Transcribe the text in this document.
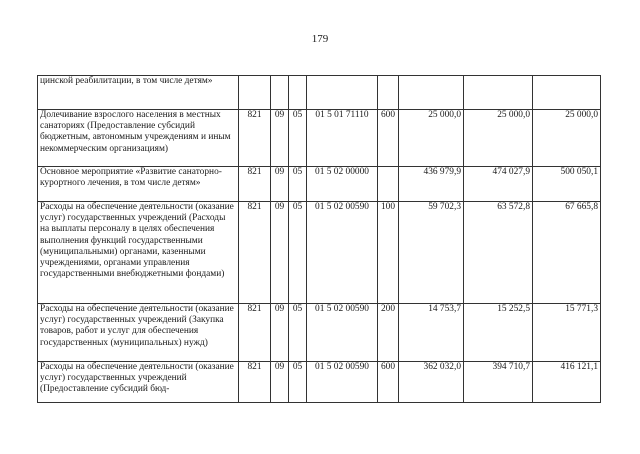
179
цинской реабилитации, в том числе детям»								
Долечивание взрослого населения в местных санаториях (Предоставление субсидий бюджетным, автономным учреждениям и иным некоммерческим организациям)	821	09	05	01 5 01 71110	600	25 000,0	25 000,0	25 000,0
Основное мероприятие «Развитие санаторно-курортного лечения, в том числе детям»	821	09	05	01 5 02 00000		436 979,9	474 027,9	500 050,1
Расходы на обеспечение деятельности (оказание услуг) государственных учреждений (Расходы на выплаты персоналу в целях обеспечения выполнения функций государственными (муниципальными) органами, казенными учреждениями, органами управления государственными внебюджетными фондами)	821	09	05	01 5 02 00590	100	59 702,3	63 572,8	67 665,8
Расходы на обеспечение деятельности (оказание услуг) государственных учреждений (Закупка товаров, работ и услуг для обеспечения государственных (муниципальных) нужд)	821	09	05	01 5 02 00590	200	14 753,7	15 252,5	15 771,3
Расходы на обеспечение деятельности (оказание услуг) государственных учреждений (Предоставление субсидий бюд-	821	09	05	01 5 02 00590	600	362 032,0	394 710,7	416 121,1
